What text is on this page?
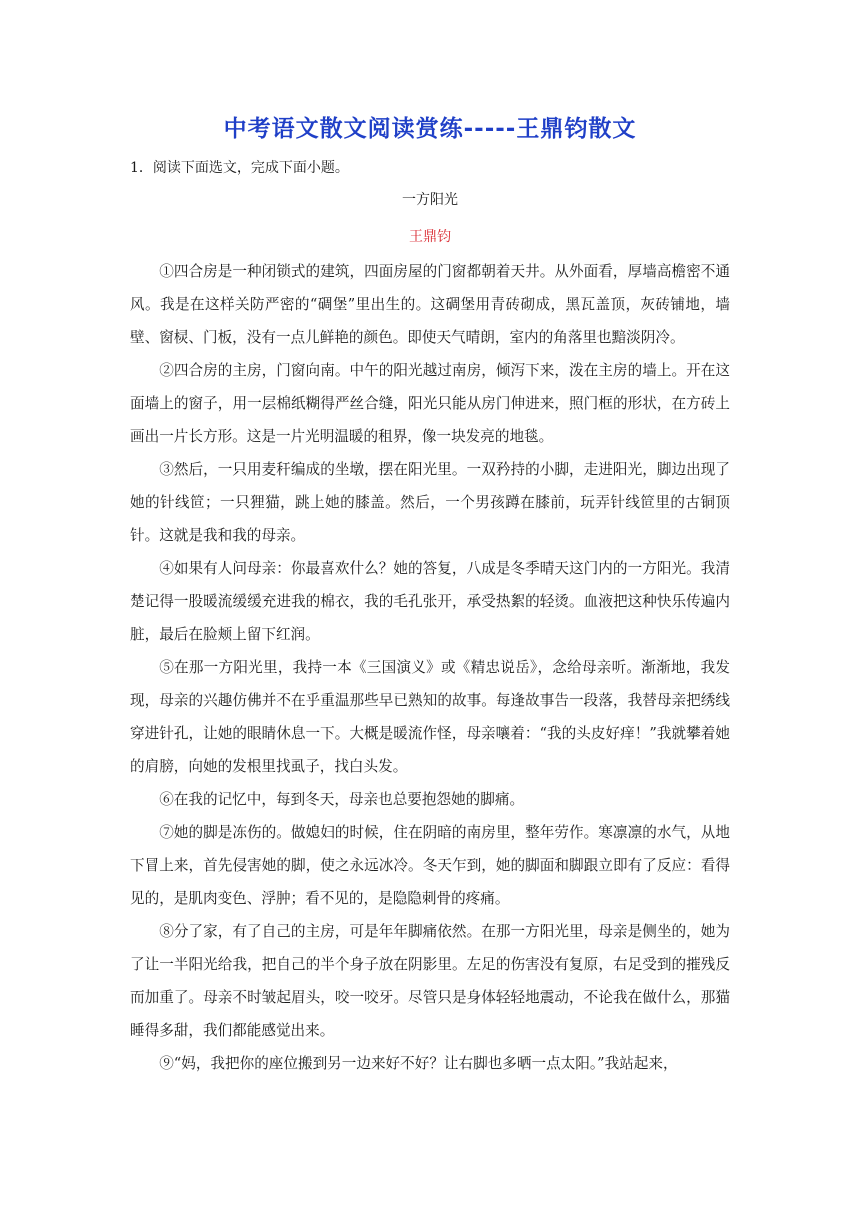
中考语文散文阅读赏练-----王鼎钧散文

1．阅读下面选文，完成下面小题。

一方阳光

王鼎钧

①四合房是一种闭锁式的建筑，四面房屋的门窗都朝着天井。从外面看，厚墙高檐密不通风。我是在这样关防严密的“碉堡”里出生的。这碉堡用青砖砌成，黑瓦盖顶，灰砖铺地，墙壁、窗棂、门板，没有一点儿鲜艳的颜色。即使天气晴朗，室内的角落里也黯淡阴冷。

②四合房的主房，门窗向南。中午的阳光越过南房，倾泻下来，泼在主房的墙上。开在这面墙上的窗子，用一层棉纸糊得严丝合缝，阳光只能从房门伸进来，照门框的形状，在方砖上画出一片长方形。这是一片光明温暖的租界，像一块发亮的地毯。

③然后，一只用麦秆编成的坐墩，摆在阳光里。一双矜持的小脚，走进阳光，脚边出现了她的针线笸；一只狸猫，跳上她的膝盖。然后，一个男孩蹲在膝前，玩弄针线笸里的古铜顶针。这就是我和我的母亲。

④如果有人问母亲：你最喜欢什么？她的答复，八成是冬季晴天这门内的一方阳光。我清楚记得一股暖流缓缓充进我的棉衣，我的毛孔张开，承受热絮的轻烫。血液把这种快乐传遍内脏，最后在脸颊上留下红润。

⑤在那一方阳光里，我持一本《三国演义》或《精忠说岳》，念给母亲听。渐渐地，我发现，母亲的兴趣仿佛并不在乎重温那些早已熟知的故事。每逢故事告一段落，我替母亲把绣线穿进针孔，让她的眼睛休息一下。大概是暖流作怪，母亲嚷着：“我的头皮好痒！”我就攀着她的肩膀，向她的发根里找虱子，找白头发。

⑥在我的记忆中，每到冬天，母亲也总要抱怨她的脚痛。

⑦她的脚是冻伤的。做媳妇的时候，住在阴暗的南房里，整年劳作。寒凛凛的水气，从地下冒上来，首先侵害她的脚，使之永远冰冷。冬天乍到，她的脚面和脚跟立即有了反应：看得见的，是肌肉变色、浮肿；看不见的，是隐隐刺骨的疼痛。

⑧分了家，有了自己的主房，可是年年脚痛依然。在那一方阳光里，母亲是侧坐的，她为了让一半阳光给我，把自己的半个身子放在阴影里。左足的伤害没有复原，右足受到的摧残反而加重了。母亲不时皱起眉头，咬一咬牙。尽管只是身体轻轻地震动，不论我在做什么，那猫睡得多甜，我们都能感觉出来。

⑨“妈，我把你的座位搬到另一边来好不好？让右脚也多晒一点太阳。”我站起来，
